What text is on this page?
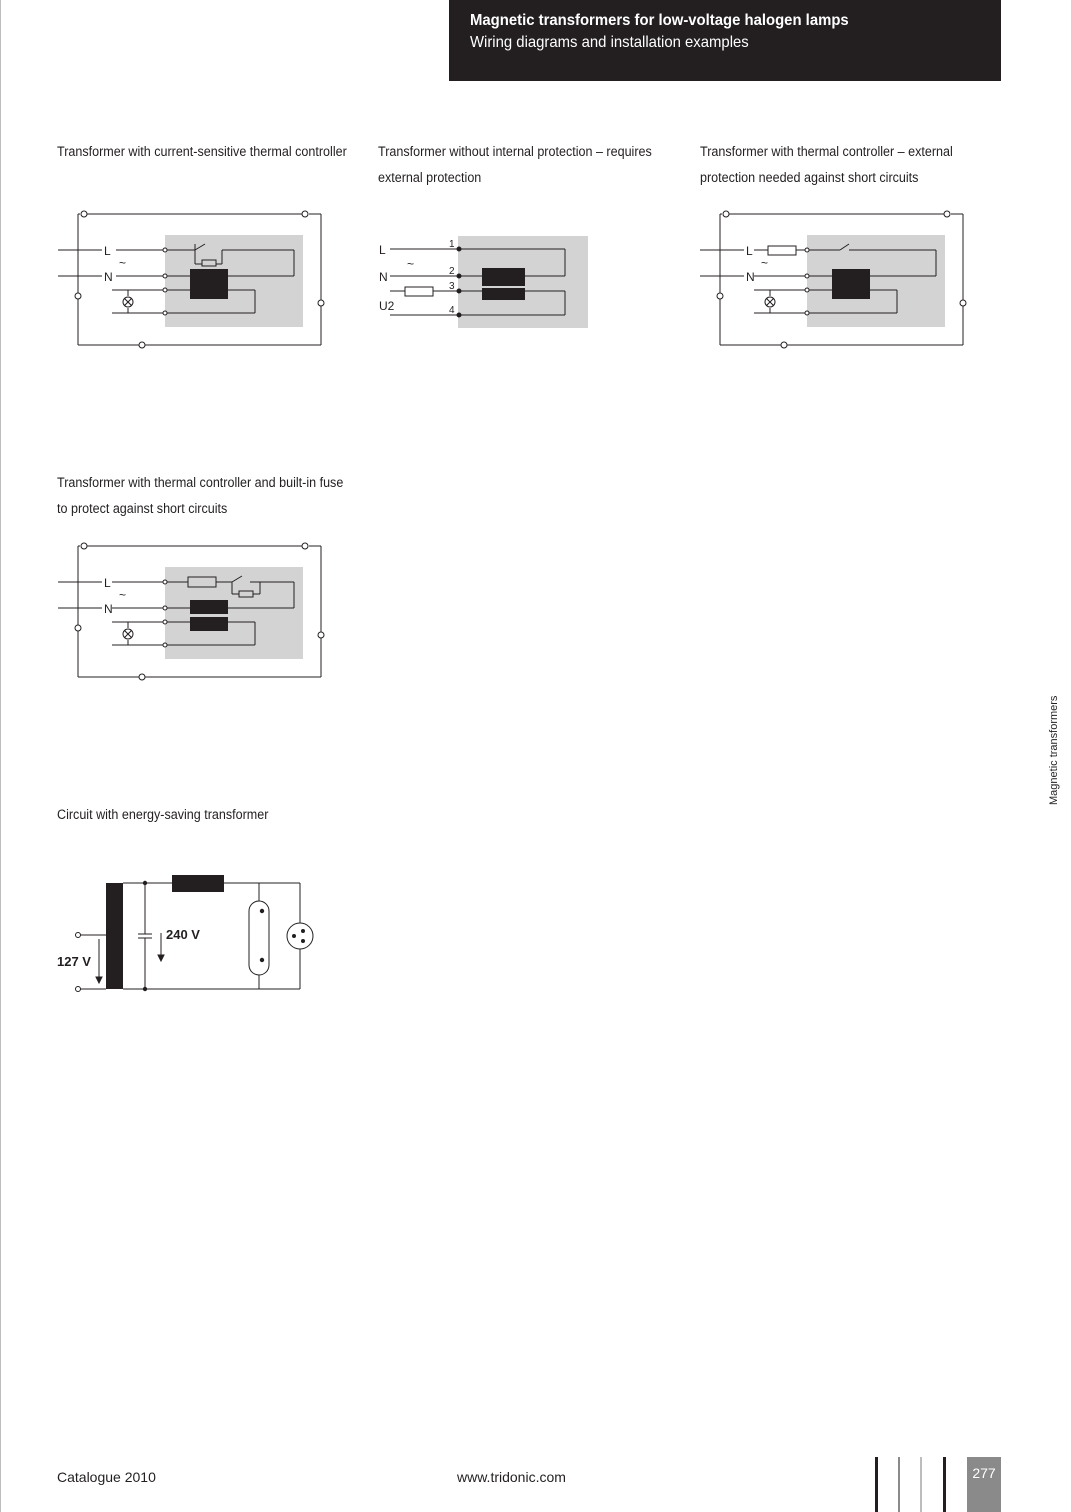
Magnetic transformers for low-voltage halogen lamps
Wiring diagrams and installation examples
Transformer with current-sensitive thermal controller
L
N
~
Transformer without internal protection – requires
external protection
L
N
~
U2
1
2
3
4
Transformer with thermal controller – external
protection needed against short circuits
L
N
~
Transformer with thermal controller and built-in fuse
to protect against short circuits
L
N
~
Circuit with energy-saving transformer
240 V
127 V
Magnetic transformers
Catalogue 2010	www.tridonic.com	277
